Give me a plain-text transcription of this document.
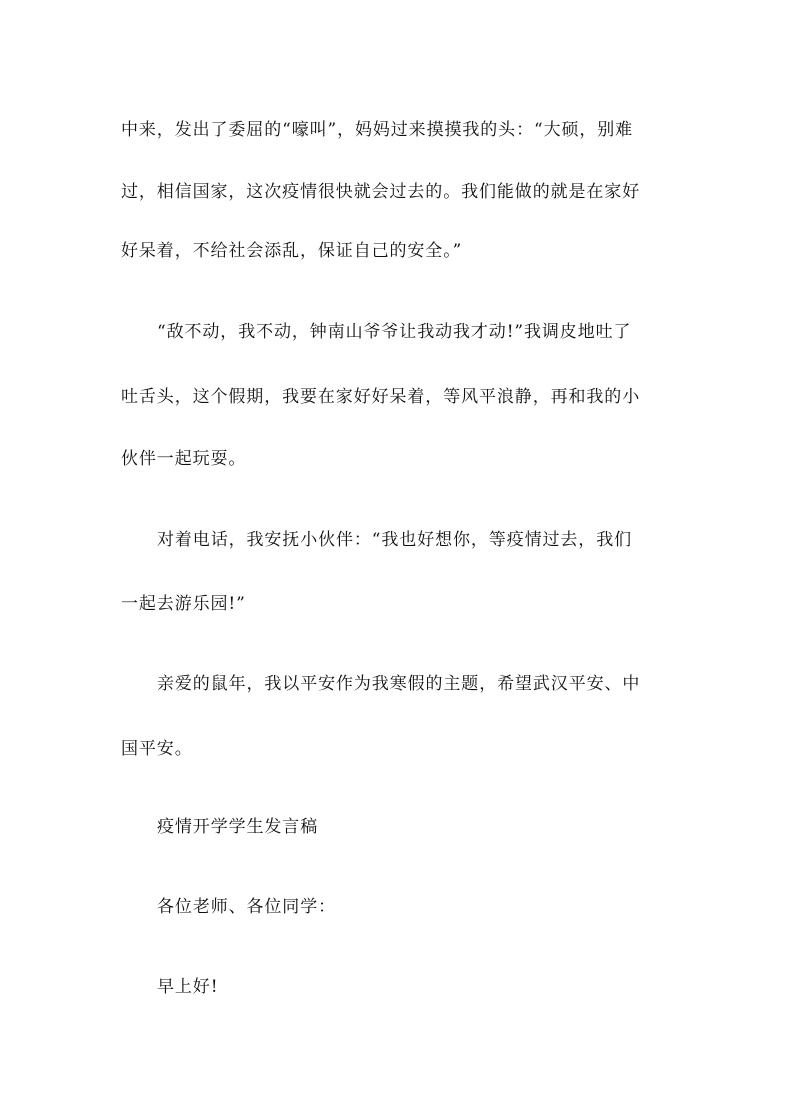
中来，发出了委屈的“嚎叫”，妈妈过来摸摸我的头：“大硕，别难
过，相信国家，这次疫情很快就会过去的。我们能做的就是在家好
好呆着，不给社会添乱，保证自己的安全。”
“敌不动，我不动，钟南山爷爷让我动我才动!”我调皮地吐了
吐舌头，这个假期，我要在家好好呆着，等风平浪静，再和我的小
伙伴一起玩耍。
对着电话，我安抚小伙伴：“我也好想你，等疫情过去，我们
一起去游乐园!”
亲爱的鼠年，我以平安作为我寒假的主题，希望武汉平安、中
国平安。
疫情开学学生发言稿
各位老师、各位同学：
早上好!
